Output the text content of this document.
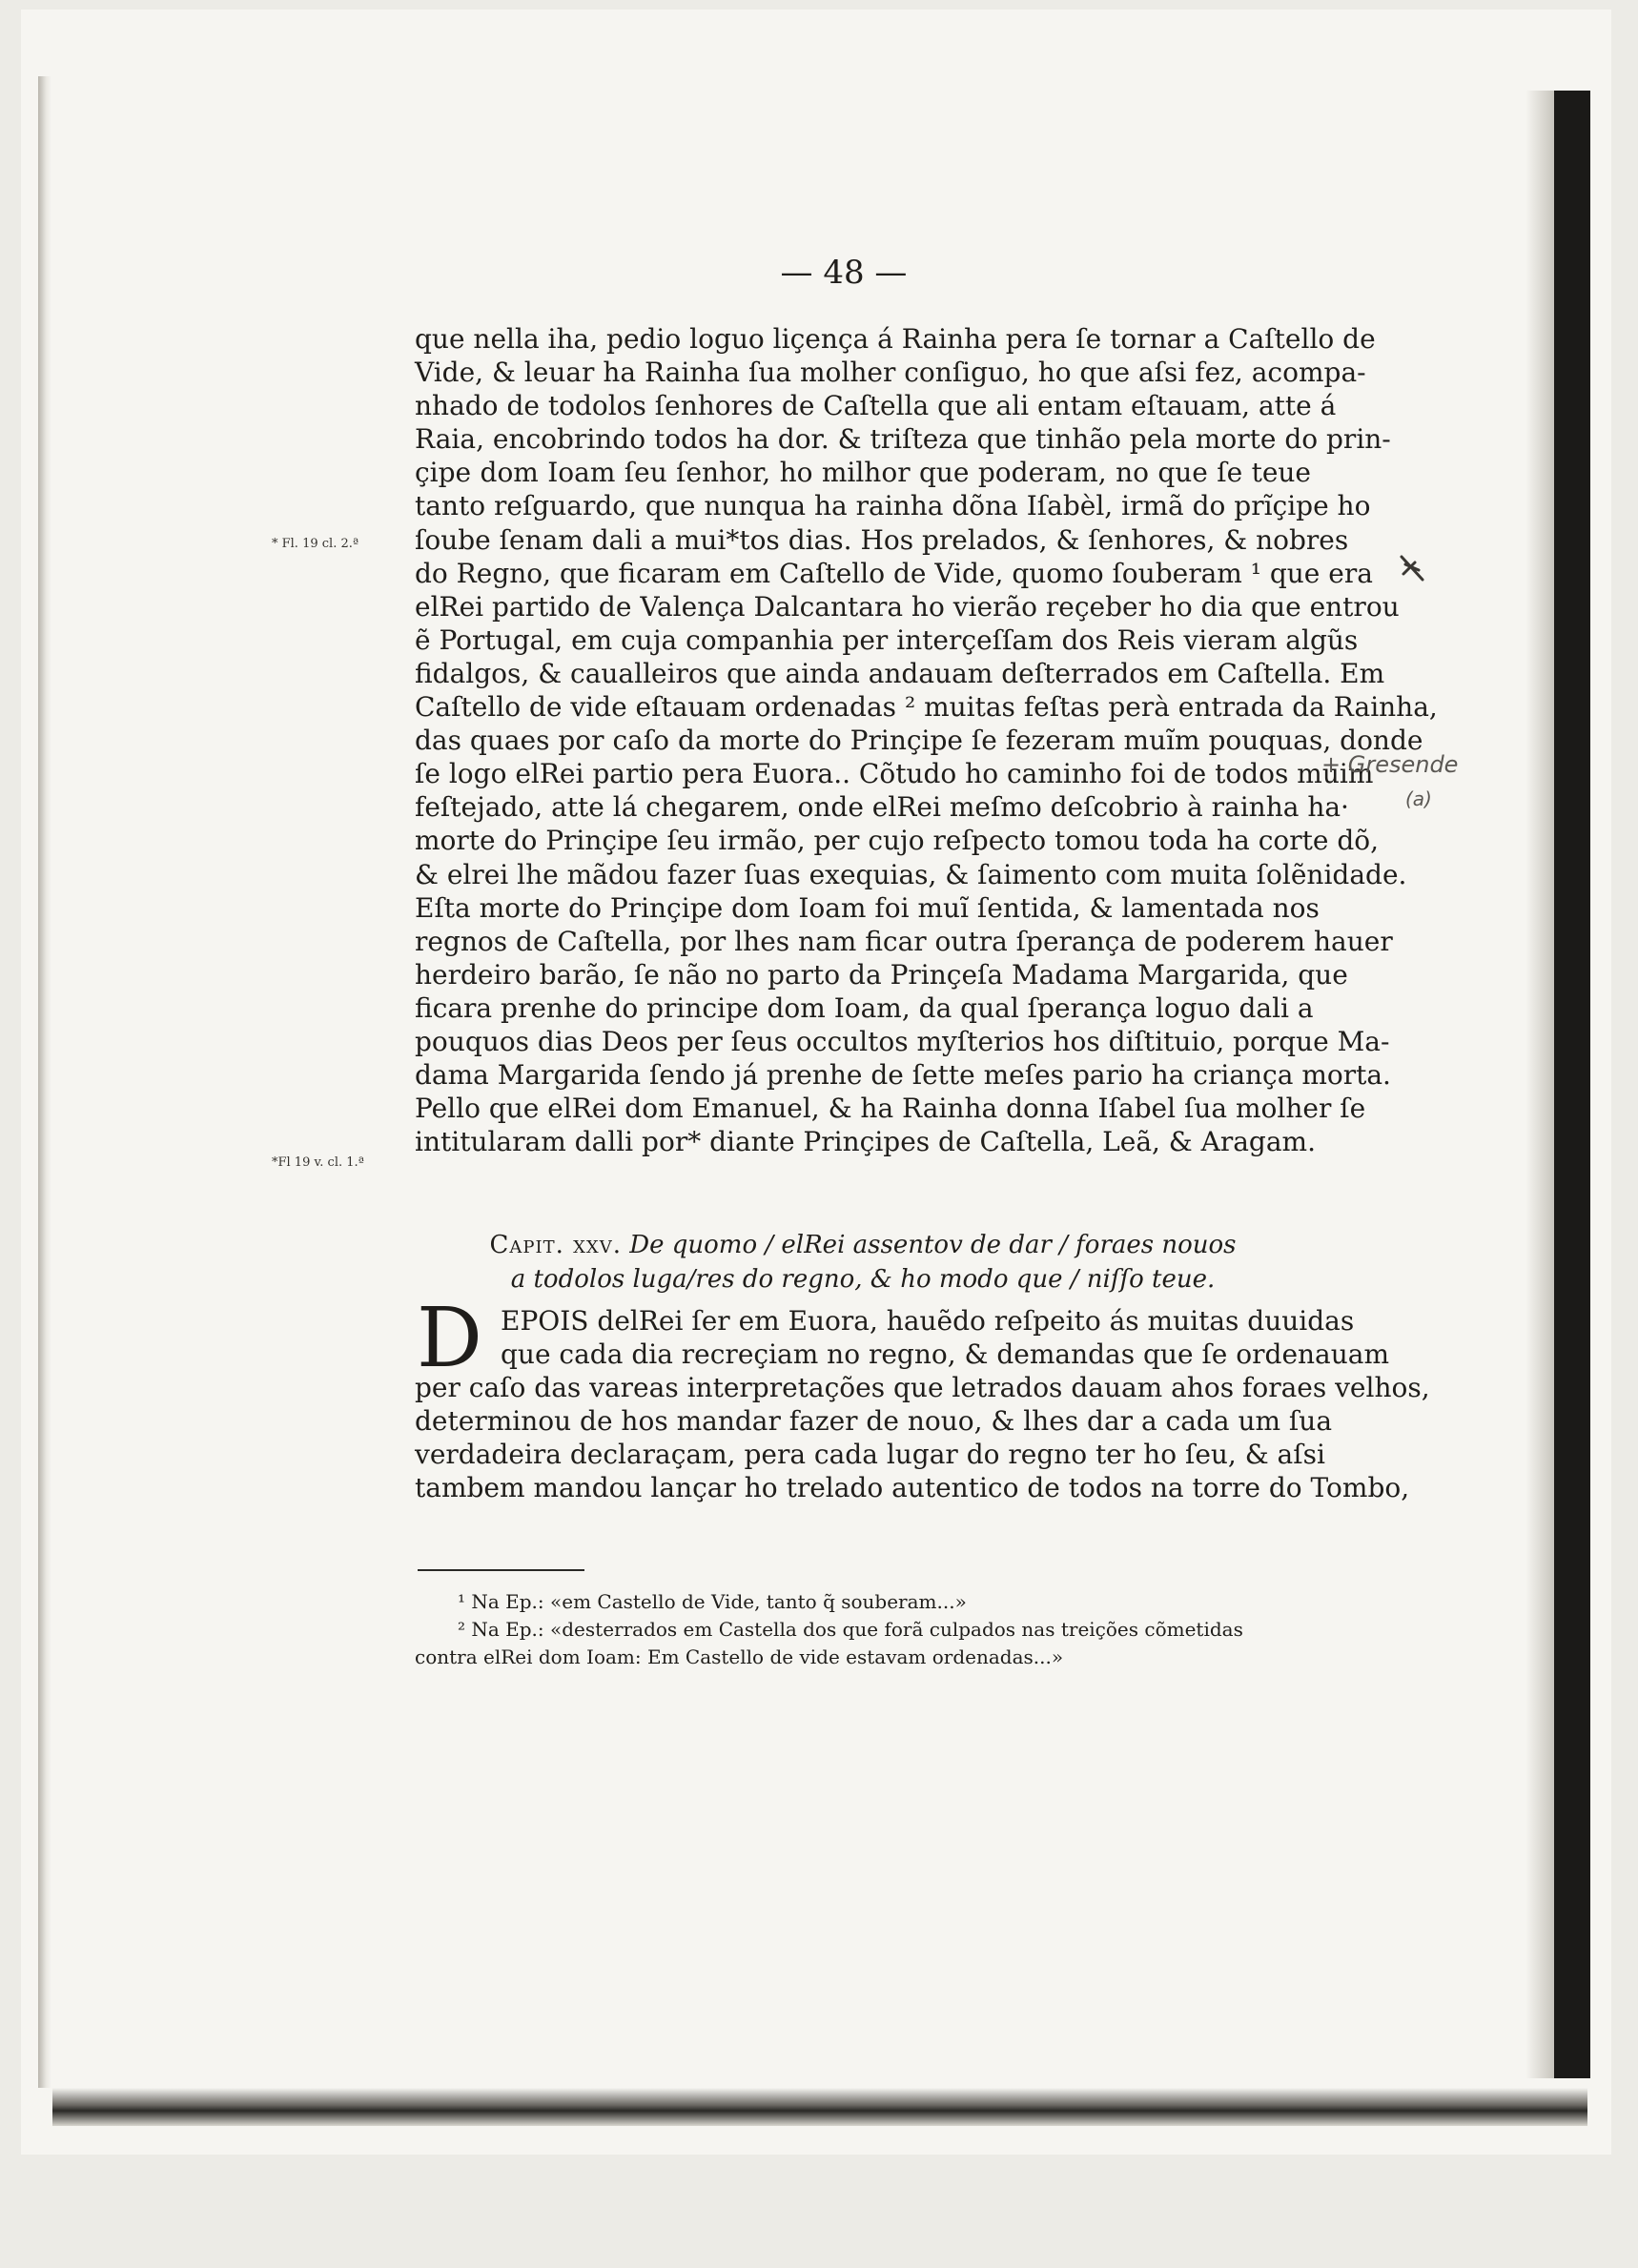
— 48 —
que nella iha, pedio loguo liçença á Rainha pera ſe tornar a Caſtello de
Vide, & leuar ha Rainha ſua molher conſiguo, ho que aſsi fez, acompa-
nhado de todolos ſenhores de Caſtella que ali entam eſtauam, atte á
Raia, encobrindo todos ha dor. & triſteza que tinhão pela morte do prin-
çipe dom Ioam ſeu ſenhor, ho milhor que poderam, no que ſe teue
tanto reſguardo, que nunqua ha rainha dõna Iſabèl, irmã do prĩçipe ho
ſoube ſenam dali a mui*tos dias. Hos prelados, & ſenhores, & nobres
do Regno, que ficaram em Caſtello de Vide, quomo ſouberam ¹ que era
elRei partido de Valença Dalcantara ho vierão reçeber ho dia que entrou
ẽ Portugal, em cuja companhia per interçeſſam dos Reis vieram algũs
fidalgos, & caualleiros que ainda andauam deſterrados em Caſtella. Em
Caſtello de vide eſtauam ordenadas ² muitas feſtas perà entrada da Rainha,
das quaes por caſo da morte do Prinçipe ſe fezeram muĩm pouquas, donde
ſe logo elRei partio pera Euora.. Cõtudo ho caminho foi de todos muim
feſtejado, atte lá chegarem, onde elRei meſmo deſcobrio à rainha ha·
morte do Prinçipe ſeu irmão, per cujo reſpecto tomou toda ha corte dõ,
& elrei lhe mãdou fazer ſuas exequias, & ſaimento com muita ſolẽnidade.
Eſta morte do Prinçipe dom Ioam foi muĩ ſentida, & lamentada nos
regnos de Caſtella, por lhes nam ficar outra ſperança de poderem hauer
herdeiro barão, ſe não no parto da Prinçeſa Madama Margarida, que
ficara prenhe do principe dom Ioam, da qual ſperança loguo dali a
pouquos dias Deos per ſeus occultos myſterios hos diſtituio, porque Ma-
dama Margarida ſendo já prenhe de ſette meſes pario ha criança morta.
Pello que elRei dom Emanuel, & ha Rainha donna Iſabel ſua molher ſe
intitularam dalli por* diante Prinçipes de Caſtella, Leã, & Aragam.
* Fl. 19 cl. 2.ª
*Fl 19 v. cl. 1.ª
+ Gresende
(a)
Capit. xxv. De quomo / elRei assentov de dar / foraes nouos
a todolos luga/res do regno, & ho modo que / niſſo teue.
D EPOIS delRei ſer em Euora, hauẽdo reſpeito ás muitas duuidas
que cada dia recreçiam no regno, & demandas que ſe ordenauam
per caſo das vareas interpretações que letrados dauam ahos foraes velhos,
determinou de hos mandar fazer de nouo, & lhes dar a cada um ſua
verdadeira declaraçam, pera cada lugar do regno ter ho ſeu, & aſsi
tambem mandou lançar ho trelado autentico de todos na torre do Tombo,
¹ Na Ep.: «em Castello de Vide, tanto q̃ souberam...»
² Na Ep.: «desterrados em Castella dos que forã culpados nas treições cõmetidas
contra elRei dom Ioam: Em Castello de vide estavam ordenadas...»
